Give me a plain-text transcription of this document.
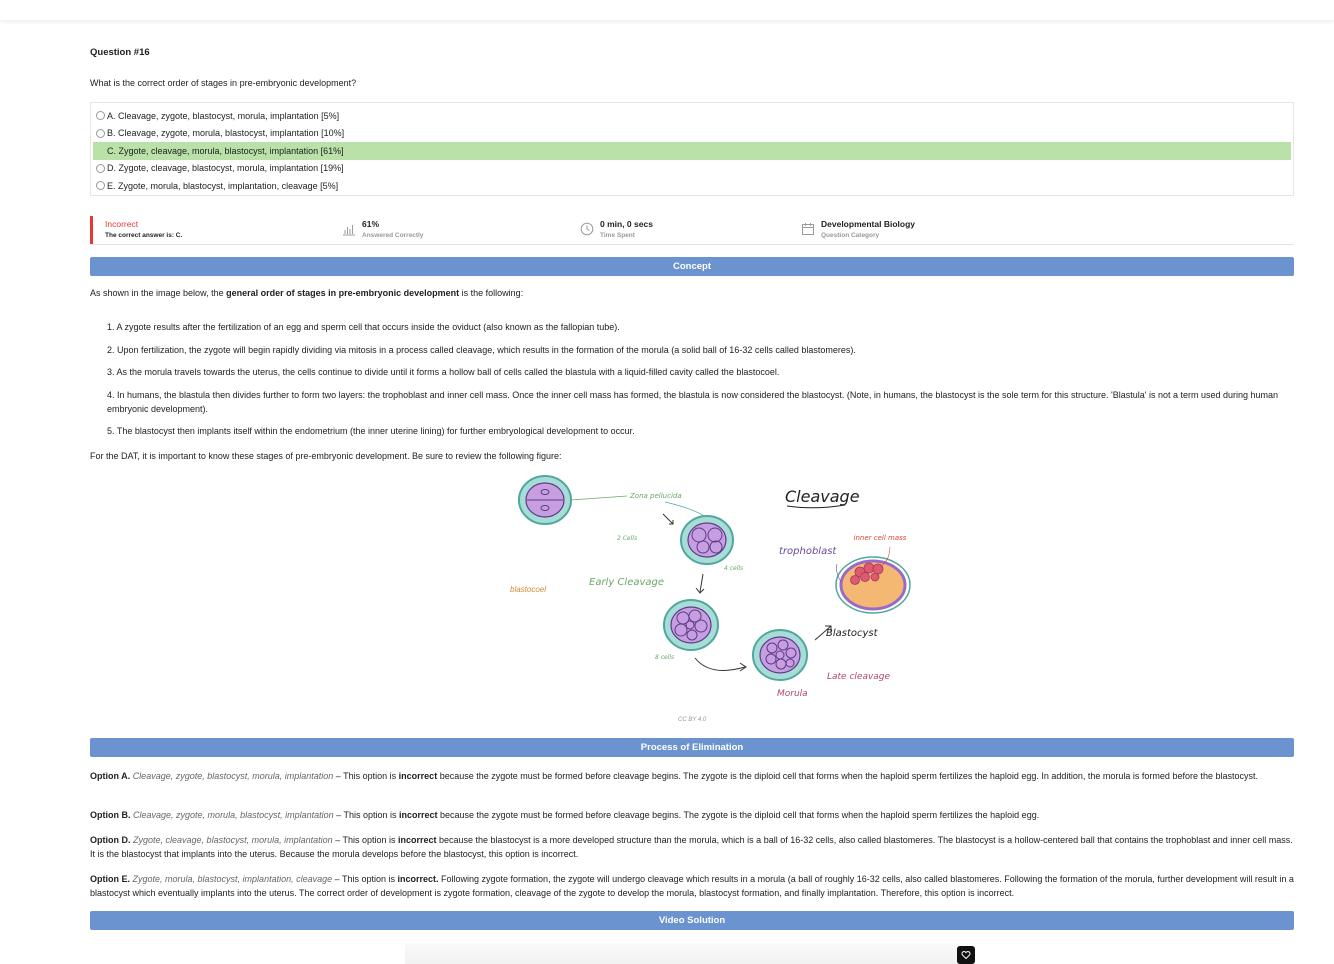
Question #16
What is the correct order of stages in pre-embryonic development?
A. Cleavage, zygote, blastocyst, morula, implantation [5%]
B. Cleavage, zygote, morula, blastocyst, implantation [10%]
C. Zygote, cleavage, morula, blastocyst, implantation [61%]
D. Zygote, cleavage, blastocyst, morula, implantation [19%]
E. Zygote, morula, blastocyst, implantation, cleavage [5%]
Incorrect
The correct answer is: C.
61%
Answered Correctly
0 min, 0 secs
Time Spent
Developmental Biology
Question Category
Concept
As shown in the image below, the general order of stages in pre-embryonic development is the following:
1. A zygote results after the fertilization of an egg and sperm cell that occurs inside the oviduct (also known as the fallopian tube).
2. Upon fertilization, the zygote will begin rapidly dividing via mitosis in a process called cleavage, which results in the formation of the morula (a solid ball of 16-32 cells called blastomeres).
3. As the morula travels towards the uterus, the cells continue to divide until it forms a hollow ball of cells called the blastula with a liquid-filled cavity called the blastocoel.
4. In humans, the blastula then divides further to form two layers: the trophoblast and inner cell mass. Once the inner cell mass has formed, the blastula is now considered the blastocyst. (Note, in humans, the blastocyst is the sole term for this structure. 'Blastula' is not a term used during human embryonic development).
5. The blastocyst then implants itself within the endometrium (the inner uterine lining) for further embryological development to occur.
For the DAT, it is important to know these stages of pre-embryonic development. Be sure to review the following figure:
Zona pellucida
2 Cells
4 cells
Early Cleavage
8 cells
Morula
Late cleavage
Cleavage
trophoblast
inner cell mass
Blastocyst
blastocoel
CC BY 4.0
Process of Elimination
Option A. Cleavage, zygote, blastocyst, morula, implantation – This option is incorrect because the zygote must be formed before cleavage begins. The zygote is the diploid cell that forms when the haploid sperm fertilizes the haploid egg. In addition, the morula is formed before the blastocyst.
Option B. Cleavage, zygote, morula, blastocyst, implantation – This option is incorrect because the zygote must be formed before cleavage begins. The zygote is the diploid cell that forms when the haploid sperm fertilizes the haploid egg.
Option D. Zygote, cleavage, blastocyst, morula, implantation – This option is incorrect because the blastocyst is a more developed structure than the morula, which is a ball of 16-32 cells, also called blastomeres. The blastocyst is a hollow-centered ball that contains the trophoblast and inner cell mass. It is the blastocyst that implants into the uterus. Because the morula develops before the blastocyst, this option is incorrect.
Option E. Zygote, morula, blastocyst, implantation, cleavage – This option is incorrect. Following zygote formation, the zygote will undergo cleavage which results in a morula (a ball of roughly 16-32 cells, also called blastomeres. Following the formation of the morula, further development will result in a blastocyst which eventually implants into the uterus. The correct order of development is zygote formation, cleavage of the zygote to develop the morula, blastocyst formation, and finally implantation. Therefore, this option is incorrect.
Video Solution
